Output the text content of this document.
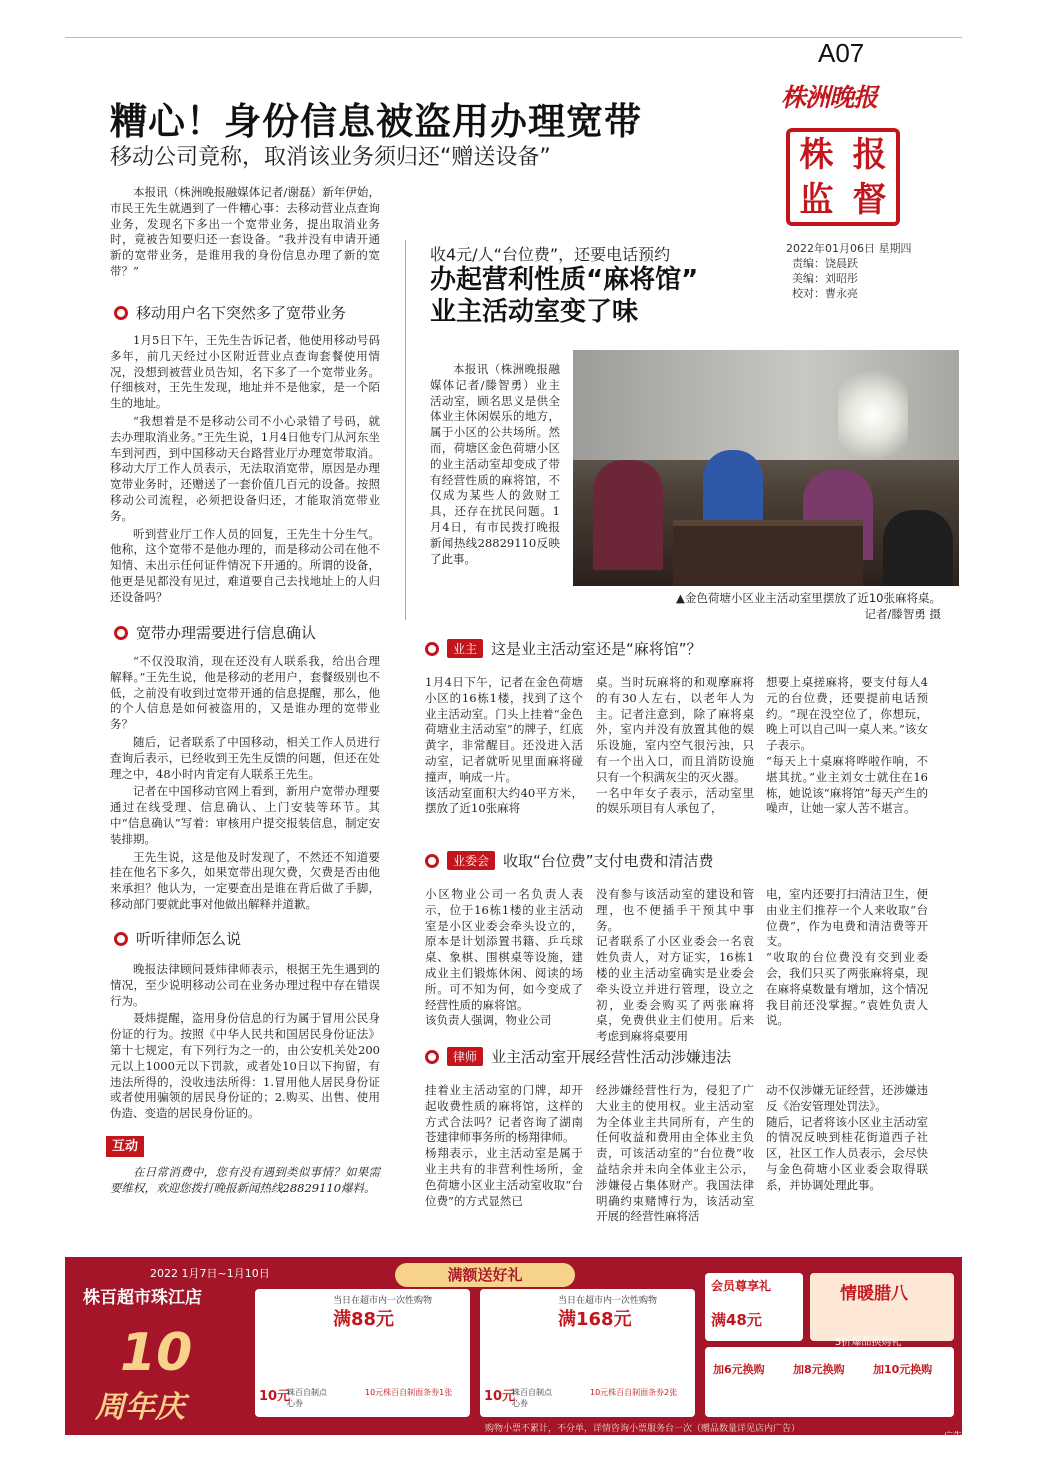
A07
株洲晚报
株 报
监 督
2022年01月06日 星期四
责编：饶晨跃
美编：刘昭彤
校对：曹永亮
糟心！身份信息被盗用办理宽带
移动公司竟称，取消该业务须归还“赠送设备”

本报讯（株洲晚报融媒体记者/谢磊）新年伊始，市民王先生就遇到了一件糟心事：去移动营业点查询业务，发现名下多出一个宽带业务，提出取消业务时，竟被告知要归还一套设备。“我并没有申请开通新的宽带业务，是谁用我的身份信息办理了新的宽带？”

移动用户名下突然多了宽带业务

1月5日下午，王先生告诉记者，他使用移动号码多年，前几天经过小区附近营业点查询套餐使用情况，没想到被营业员告知，名下多了一个宽带业务。仔细核对，王先生发现，地址并不是他家，是一个陌生的地址。

“我想着是不是移动公司不小心录错了号码，就去办理取消业务。”王先生说，1月4日他专门从河东坐车到河西，到中国移动天台路营业厅办理宽带取消。移动大厅工作人员表示，无法取消宽带，原因是办理宽带业务时，还赠送了一套价值几百元的设备。按照移动公司流程，必须把设备归还，才能取消宽带业务。

听到营业厅工作人员的回复，王先生十分生气。他称，这个宽带不是他办理的，而是移动公司在他不知情、未出示任何证件情况下开通的。所谓的设备，他更是见都没有见过，难道要自己去找地址上的人归还设备吗？

宽带办理需要进行信息确认

“不仅没取消，现在还没有人联系我，给出合理解释。”王先生说，他是移动的老用户，套餐级别也不低，之前没有收到过宽带开通的信息提醒，那么，他的个人信息是如何被盗用的，又是谁办理的宽带业务？

随后，记者联系了中国移动，相关工作人员进行查询后表示，已经收到王先生反馈的问题，但还在处理之中，48小时内肯定有人联系王先生。

记者在中国移动官网上看到，新用户宽带办理要通过在线受理、信息确认、上门安装等环节。其中“信息确认”写着：审核用户提交报装信息，制定安装排期。

王先生说，这是他及时发现了，不然还不知道要挂在他名下多久，如果宽带出现欠费，欠费是否由他来承担？他认为，一定要查出是谁在背后做了手脚，移动部门要就此事对他做出解释并道歉。

听听律师怎么说

晚报法律顾问聂炜律师表示，根据王先生遇到的情况，至少说明移动公司在业务办理过程中存在错误行为。

聂炜提醒，盗用身份信息的行为属于冒用公民身份证的行为。按照《中华人民共和国居民身份证法》第十七规定，有下列行为之一的，由公安机关处200元以上1000元以下罚款，或者处10日以下拘留，有违法所得的，没收违法所得：1.冒用他人居民身份证或者使用骗领的居民身份证的；2.购买、出售、使用伪造、变造的居民身份证的。

互动

在日常消费中，您有没有遇到类似事情？如果需要维权，欢迎您拨打晚报新闻热线28829110爆料。

收4元/人“台位费”，还要电话预约
办起营利性质“麻将馆”
业主活动室变了味

本报讯（株洲晚报融媒体记者/滕智勇）业主活动室，顾名思义是供全体业主休闲娱乐的地方，属于小区的公共场所。然而，荷塘区金色荷塘小区的业主活动室却变成了带有经营性质的麻将馆，不仅成为某些人的敛财工具，还存在扰民问题。1月4日，有市民拨打晚报新闻热线28829110反映了此事。

▲金色荷塘小区业主活动室里摆放了近10张麻将桌。
记者/滕智勇 摄
业主 这是业主活动室还是“麻将馆”？
1月4日下午，记者在金色荷塘小区的16栋1楼，找到了这个业主活动室。门头上挂着“金色荷塘业主活动室”的牌子，红底黄字，非常醒目。还没进入活动室，记者就听见里面麻将碰撞声，响成一片。
该活动室面积大约40平方米，摆放了近10张麻将
桌。当时玩麻将的和观摩麻将的有30人左右，以老年人为主。记者注意到，除了麻将桌外，室内并没有放置其他的娱乐设施，室内空气很污浊，只有一个出入口，而且消防设施只有一个积满灰尘的灭火器。
一名中年女子表示，活动室里的娱乐项目有人承包了，
想要上桌搓麻将，要支付每人4元的台位费，还要提前电话预约。“现在没空位了，你想玩，晚上可以自己叫一桌人来。”该女子表示。
“每天上十桌麻将哗啦作响，不堪其扰。”业主刘女士就住在16栋，她说该“麻将馆”每天产生的噪声，让她一家人苦不堪言。
业委会 收取“台位费”支付电费和清洁费
小区物业公司一名负责人表示，位于16栋1楼的业主活动室是小区业委会牵头设立的，原本是计划添置书籍、乒乓球桌、象棋、围棋桌等设施，建成业主们锻炼休闲、阅读的场所。可不知为何，如今变成了经营性质的麻将馆。
该负责人强调，物业公司
没有参与该活动室的建设和管理，也不便插手干预其中事务。
记者联系了小区业委会一名袁姓负责人，对方证实，16栋1楼的业主活动室确实是业委会牵头设立并进行管理，设立之初，业委会购买了两张麻将桌，免费供业主们使用。后来考虑到麻将桌要用
电，室内还要打扫清洁卫生，便由业主们推荐一个人来收取“台位费”，作为电费和清洁费等开支。
“收取的台位费没有交到业委会，我们只买了两张麻将桌，现在麻将桌数量有增加，这个情况我目前还没掌握。”袁姓负责人说。
律师 业主活动室开展经营性活动涉嫌违法
挂着业主活动室的门牌，却开起收费性质的麻将馆，这样的方式合法吗？记者咨询了湖南苍建律师事务所的杨翔律师。
杨翔表示，业主活动室是属于业主共有的非营利性场所，金色荷塘小区业主活动室收取“台位费”的方式显然已
经涉嫌经营性行为，侵犯了广大业主的使用权。业主活动室为全体业主共同所有，产生的任何收益和费用由全体业主负责，可该活动室的“台位费”收益结余并未向全体业主公示，涉嫌侵占集体财产。我国法律明确约束赌博行为，该活动室开展的经营性麻将活
动不仅涉嫌无证经营，还涉嫌违反《治安管理处罚法》。
随后，记者将该小区业主活动室的情况反映到桂花街道西子社区，社区工作人员表示，会尽快与金色荷塘小区业委会取得联系，并协调处理此事。
2022 1月7日~1月10日	满额送好礼
株百超市珠江店
10
周年庆
当日在超市内一次性购物
满88元
10元
株百自制点心券
10元株百自制面条券1张
当日在超市内一次性购物
满168元
10元
株百自制点心券
10元株百自制面条券2张
会员尊享礼
满48元
情暖腊八
5折爆品换购礼
加6元换购	加8元换购	加10元换购
购物小票不累计，不分单，详情咨询小票服务台一次（赠品数量详见店内广告）
广告
